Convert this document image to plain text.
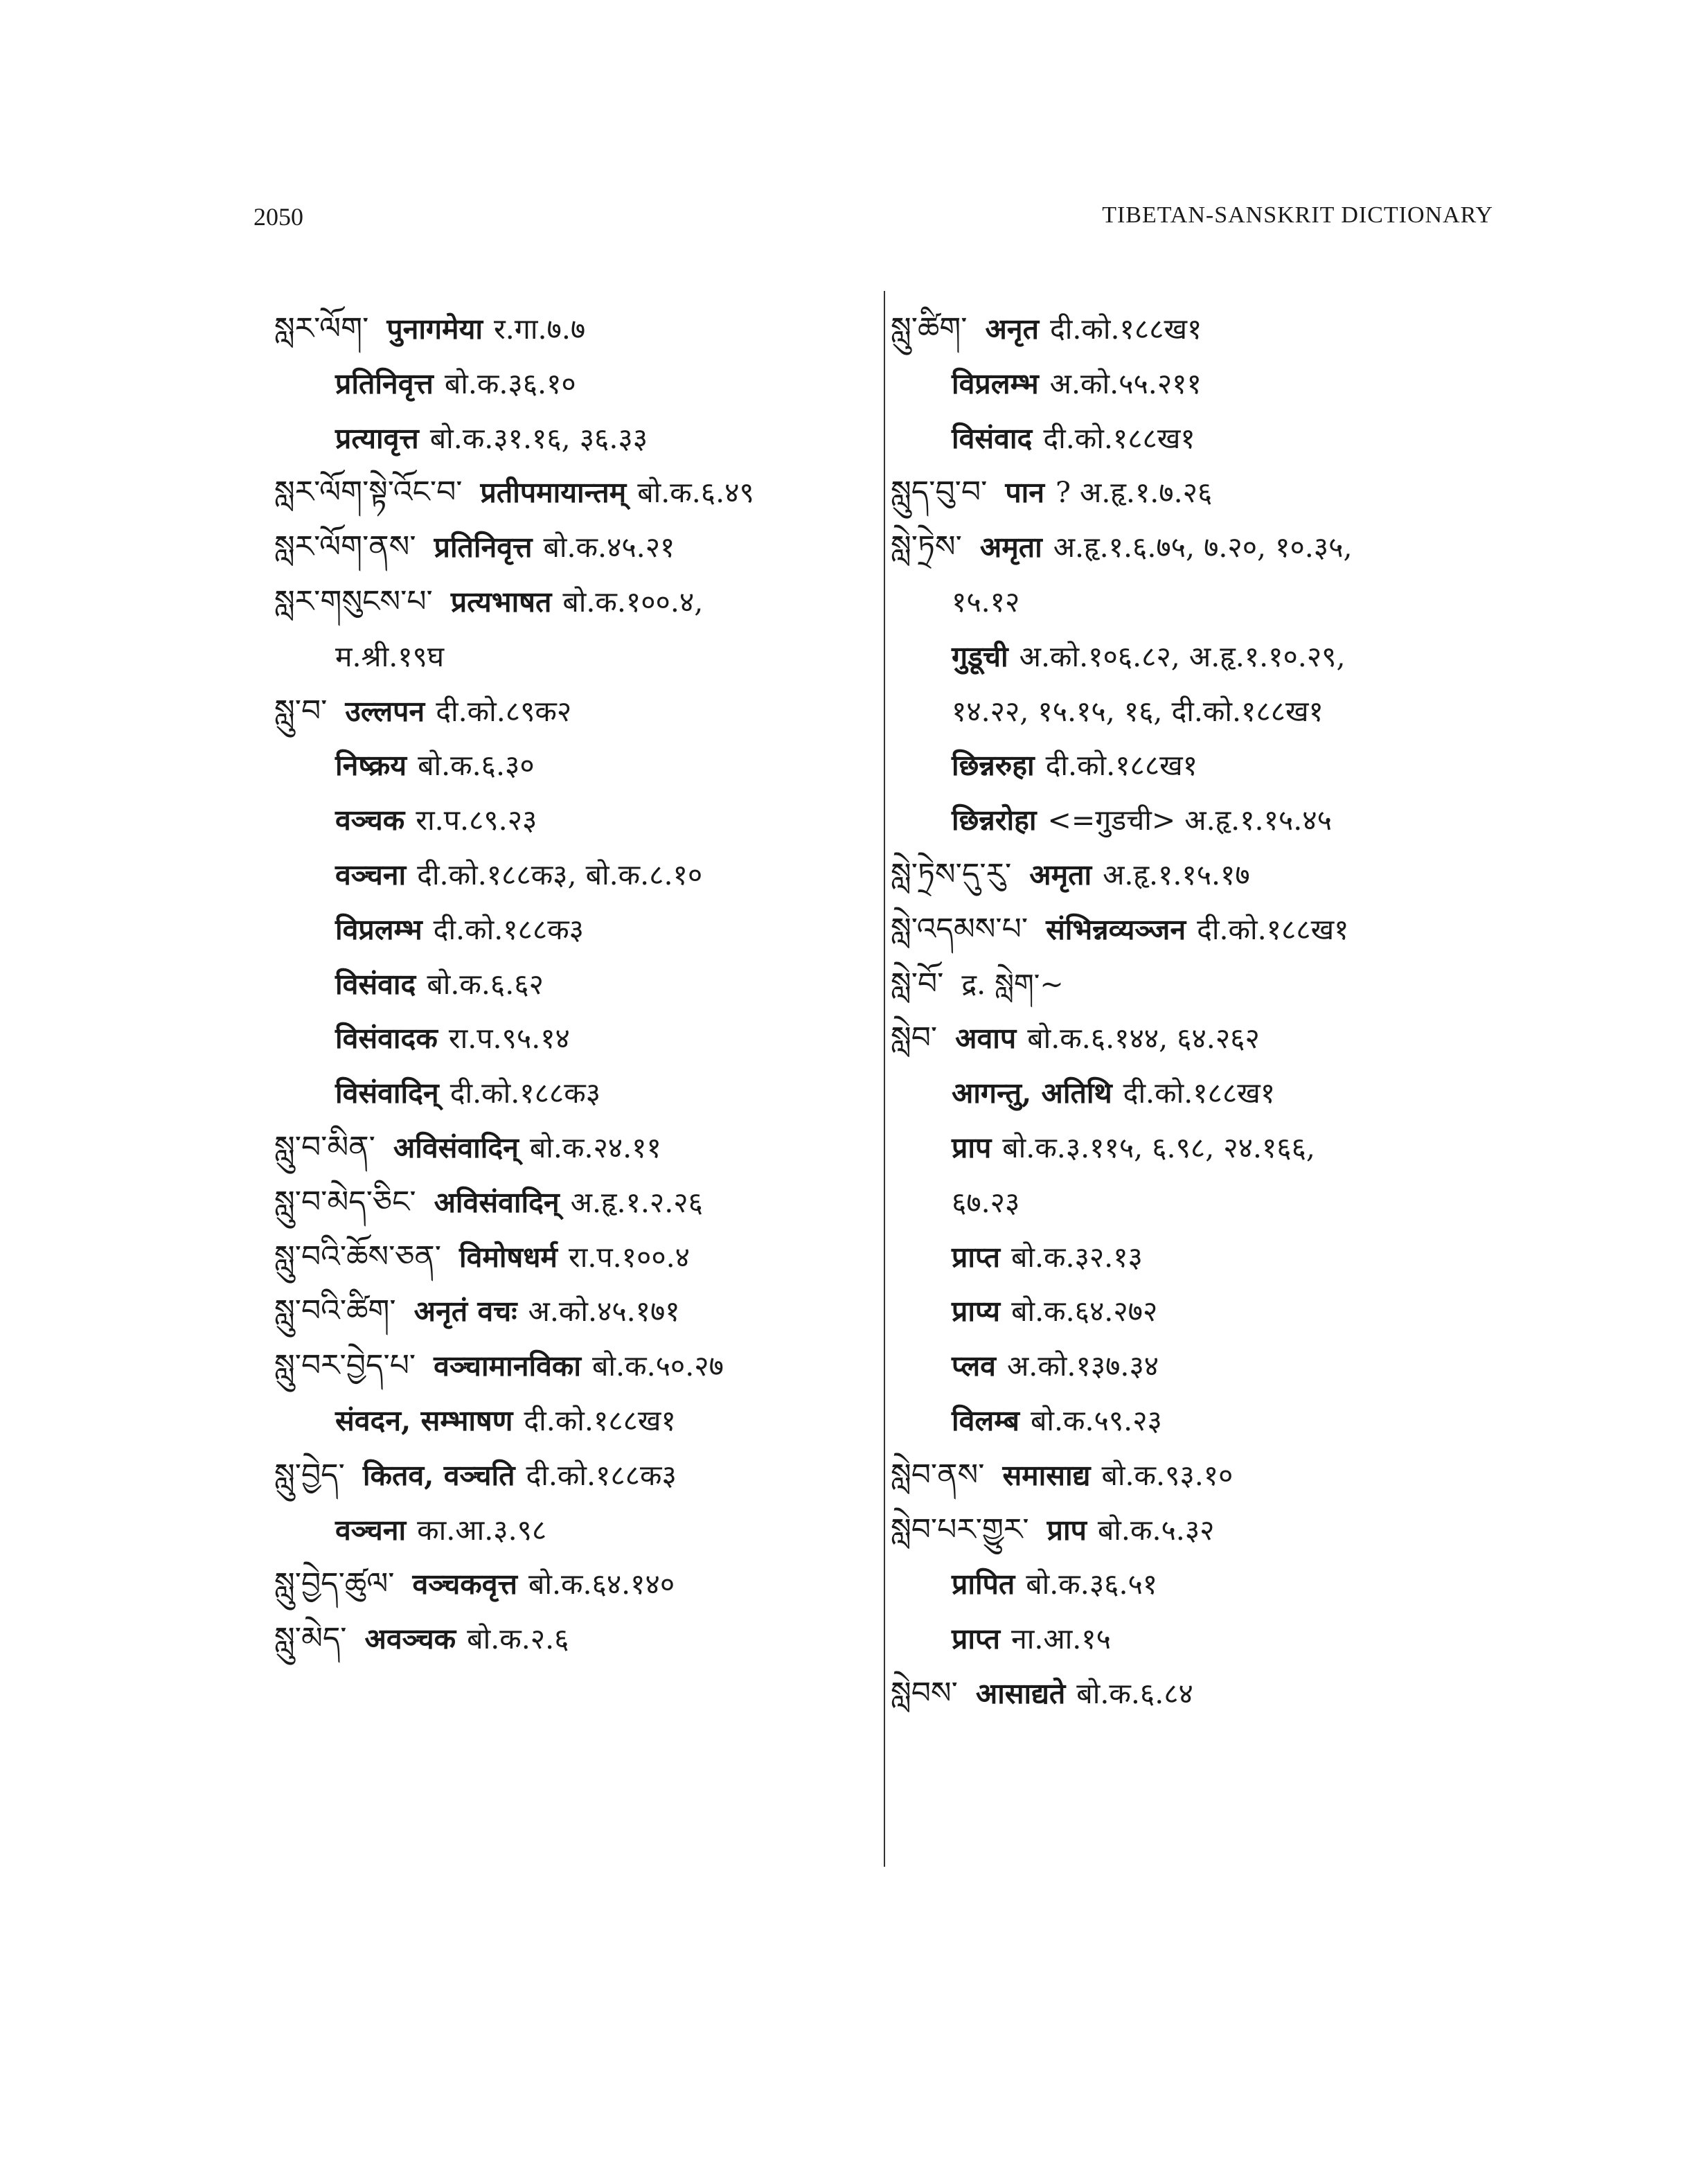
2050	TIBETAN-SANSKRIT DICTIONARY
སླར་ལོག་ पुनागमेया र.गा.७.७
प्रतिनिवृत्त बो.क.३६.१०
प्रत्यावृत्त बो.क.३१.१६, ३६.३३
སླར་ལོག་སྟེ་འོང་བ་ प्रतीपमायान्तम् बो.क.६.४९
སླར་ལོག་ནས་ प्रतिनिवृत्त बो.क.४५.२१
སླར་གསུངས་པ་ प्रत्यभाषत बो.क.१००.४,
म.श्री.१९घ
སླུ་བ་ उल्लपन दी.को.८९क२
निष्क्रय बो.क.६.३०
वञ्चक रा.प.८९.२३
वञ्चना दी.को.१८८क३, बो.क.८.१०
विप्रलम्भ दी.को.१८८क३
विसंवाद बो.क.६.६२
विसंवादक रा.प.९५.१४
विसंवादिन् दी.को.१८८क३
སླུ་བ་མིན་ अविसंवादिन् बो.क.२४.११
སླུ་བ་མེད་ཅིང་ अविसंवादिन् अ.हृ.१.२.२६
སླུ་བའི་ཆོས་ཅན་ विमोषधर्म रा.प.१००.४
སླུ་བའི་ཚིག་ अनृतं वचः अ.को.४५.१७१
སླུ་བར་བྱེད་པ་ वञ्चामानविका बो.क.५०.२७
संवदन, सम्भाषण दी.को.१८८ख१
སླུ་བྱེད་ कितव, वञ्चति दी.को.१८८क३
वञ्चना का.आ.३.९८
སླུ་བྱེད་ཚུལ་ वञ्चकवृत्त बो.क.६४.१४०
སླུ་མེད་ अवञ्चक बो.क.२.६
སླུ་ཚིག་ अनृत दी.को.१८८ख१
विप्रलम्भ अ.को.५५.२११
विसंवाद दी.को.१८८ख१
སླུད་བུ་བ་ पान ? अ.हृ.१.७.२६
སླེ་ཏྲེས་ अमृता अ.हृ.१.६.७५, ७.२०, १०.३५,
१५.१२
गुडूची अ.को.१०६.८२, अ.हृ.१.१०.२९,
१४.२२, १५.१५, १६, दी.को.१८८ख१
छिन्नरुहा दी.को.१८८ख१
छिन्नरोहा <=गुडची> अ.हृ.१.१५.४५
སླེ་ཏྲེས་དུ་རུ་ अमृता अ.हृ.१.१५.१७
སླེ་འདམས་པ་ संभिन्नव्यञ्जन दी.को.१८८ख१
སླེ་བོ་ द्र. སླེག་~
སླེབ་ अवाप बो.क.६.१४४, ६४.२६२
आगन्तु, अतिथि दी.को.१८८ख१
प्राप बो.क.३.११५, ६.९८, २४.१६६,
६७.२३
प्राप्त बो.क.३२.१३
प्राप्य बो.क.६४.२७२
प्लव अ.को.१३७.३४
विलम्ब बो.क.५९.२३
སླེབ་ནས་ समासाद्य बो.क.९३.१०
སླེབ་པར་གྱུར་ प्राप बो.क.५.३२
प्रापित बो.क.३६.५१
प्राप्त ना.आ.१५
སླེབས་ आसाद्यते बो.क.६.८४
